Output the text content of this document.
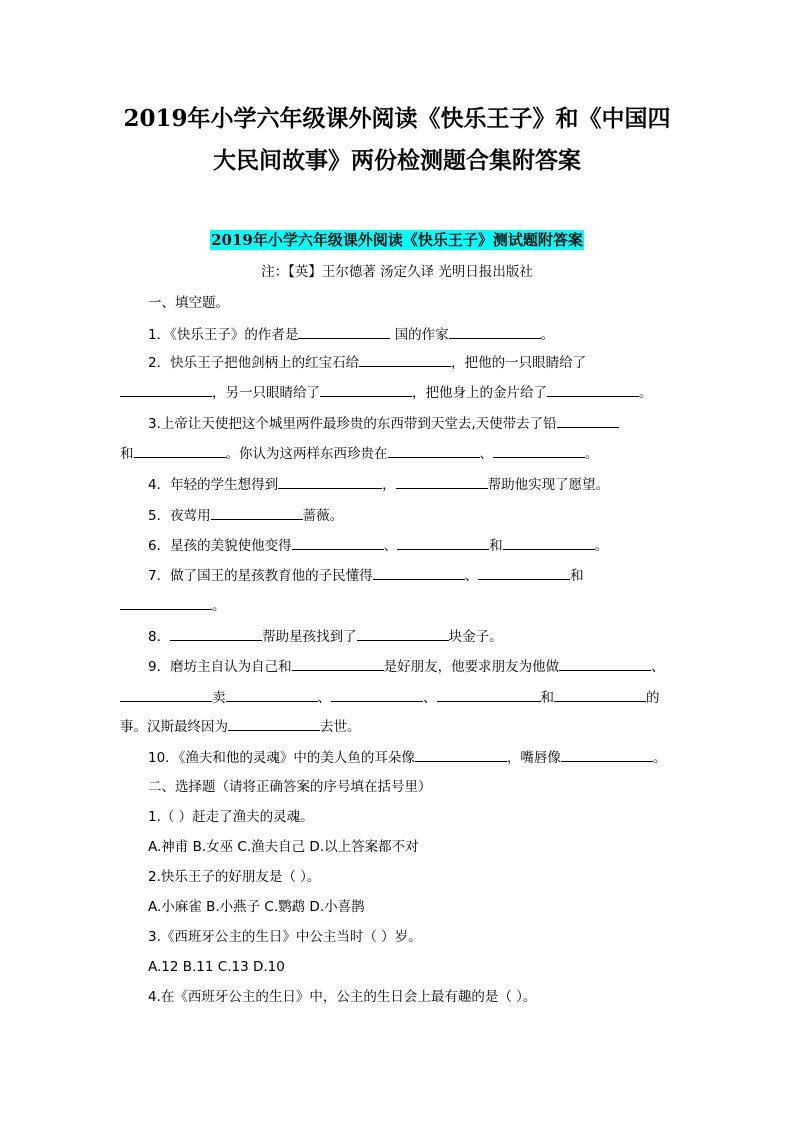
2019年小学六年级课外阅读《快乐王子》和《中国四
大民间故事》两份检测题合集附答案
2019年小学六年级课外阅读《快乐王子》测试题附答案
注：【英】王尔德著 汤定久译 光明日报出版社
一、填空题。
1．《快乐王子》的作者是	国的作家	。
2．快乐王子把他剑柄上的红宝石给	，把他的一只眼睛给了
，另一只眼睛给了	，把他身上的金片给了	。
3.上帝让天使把这个城里两件最珍贵的东西带到天堂去,天使带去了铅
和	。你认为这两样东西珍贵在	、	。
4．年轻的学生想得到	，	帮助他实现了愿望。
5．夜莺用	蔷薇。
6．星孩的美貌使他变得	、	和	。
7．做了国王的星孩教育他的子民懂得	、	和
。
8．	帮助星孩找到了	块金子。
9．磨坊主自认为自己和	是好朋友，他要求朋友为他做	、
卖	、	、	和	的
事。汉斯最终因为	去世。
10．《渔夫和他的灵魂》中的美人鱼的耳朵像	，嘴唇像	。
二、选择题（请将正确答案的序号填在括号里）
1.（ ）赶走了渔夫的灵魂。
A.神甫 B.女巫 C.渔夫自己 D.以上答案都不对
2.快乐王子的好朋友是（ ）。
A.小麻雀 B.小燕子 C.鹦鹉 D.小喜鹊
3.《西班牙公主的生日》中公主当时（ ）岁。
A.12 B.11 C.13 D.10
4.在《西班牙公主的生日》中，公主的生日会上最有趣的是（ ）。
